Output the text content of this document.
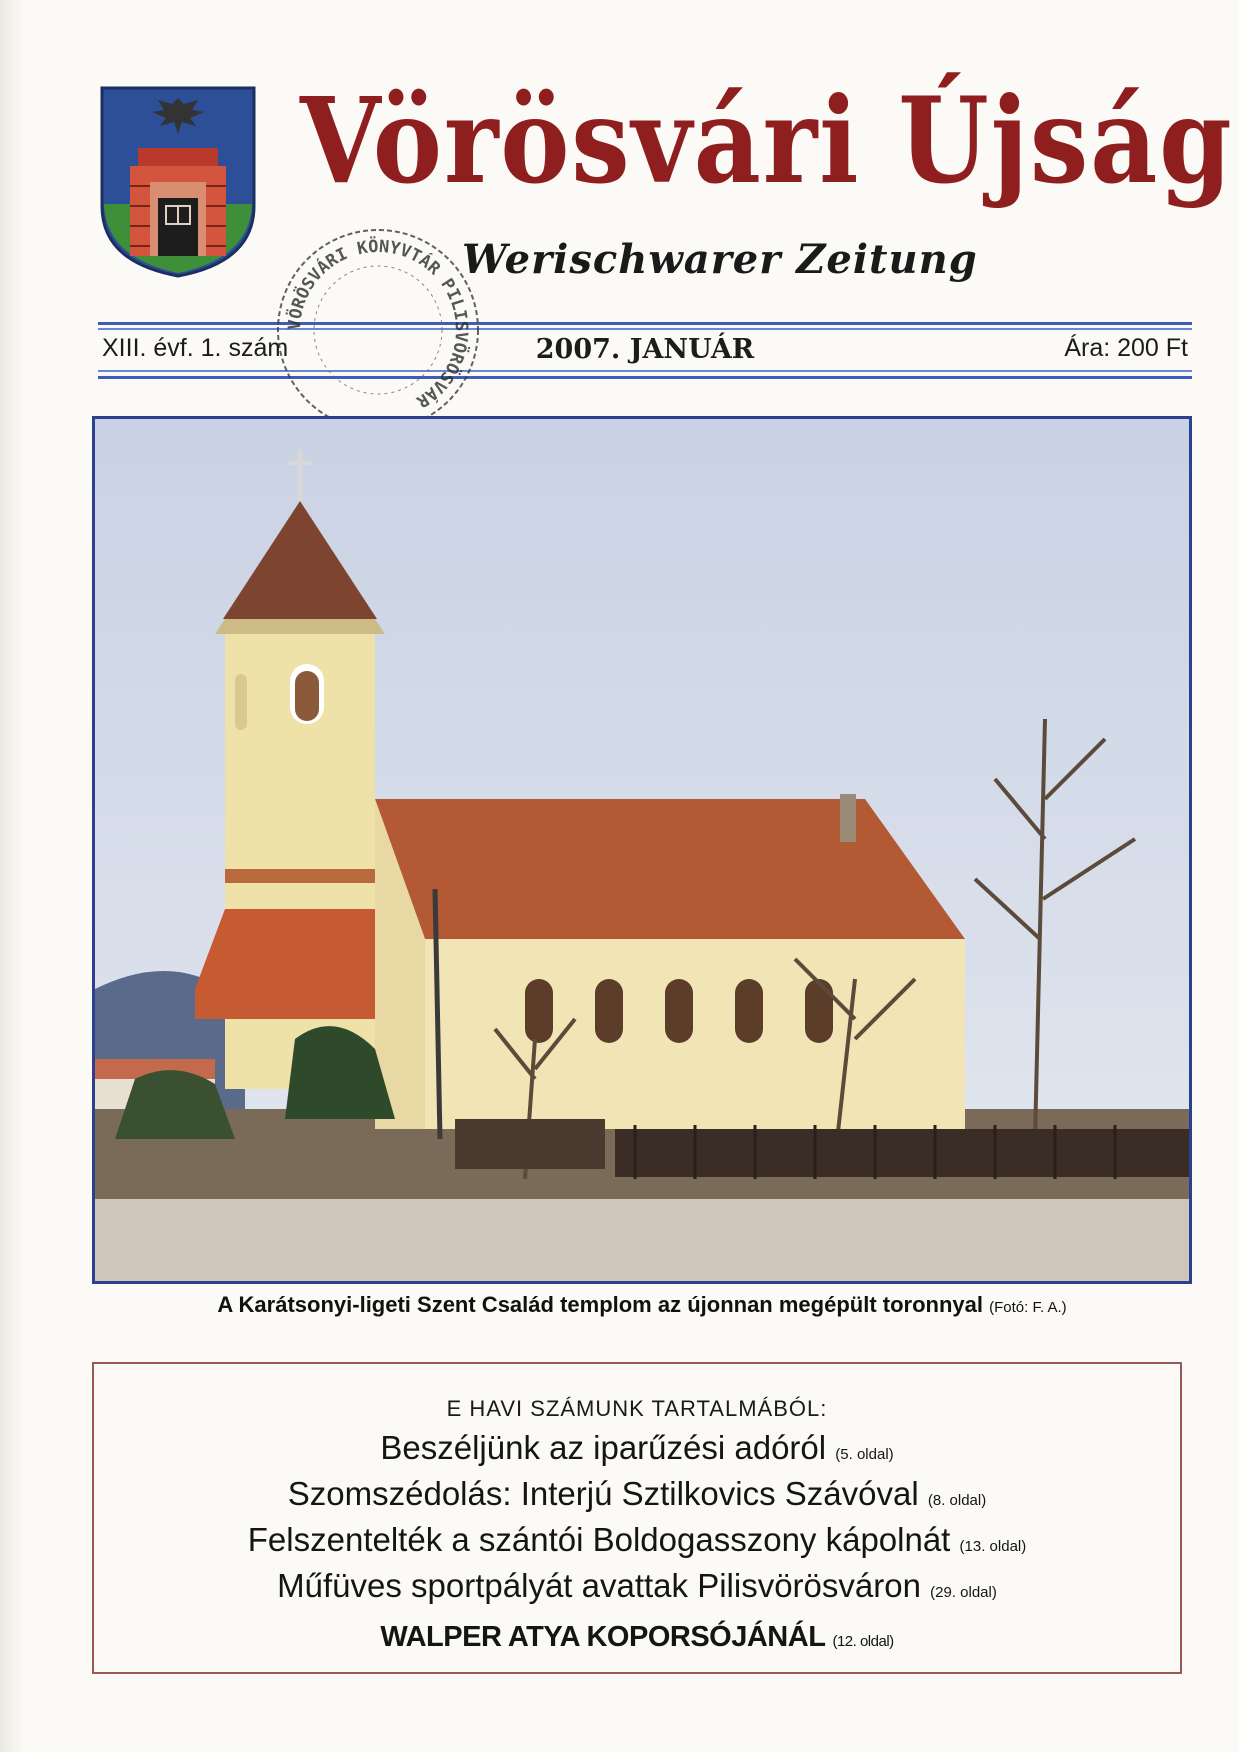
Vörösvári Újság
Werischwarer Zeitung
XIII. évf. 1. szám	2007. JANUÁR	Ára: 200 Ft
VÖRÖSVÁRI KÖNYVTÁR PILISVÖRÖSVÁR
A Karátsonyi-ligeti Szent Család templom az újonnan megépült toronnyal (Fotó: F. A.)
E HAVI SZÁMUNK TARTALMÁBÓL:
Beszéljünk az iparűzési adóról (5. oldal)
Szomszédolás: Interjú Sztilkovics Szávóval (8. oldal)
Felszentelték a szántói Boldogasszony kápolnát (13. oldal)
Műfüves sportpályát avattak Pilisvörösváron (29. oldal)
WALPER ATYA KOPORSÓJÁNÁL (12. oldal)
